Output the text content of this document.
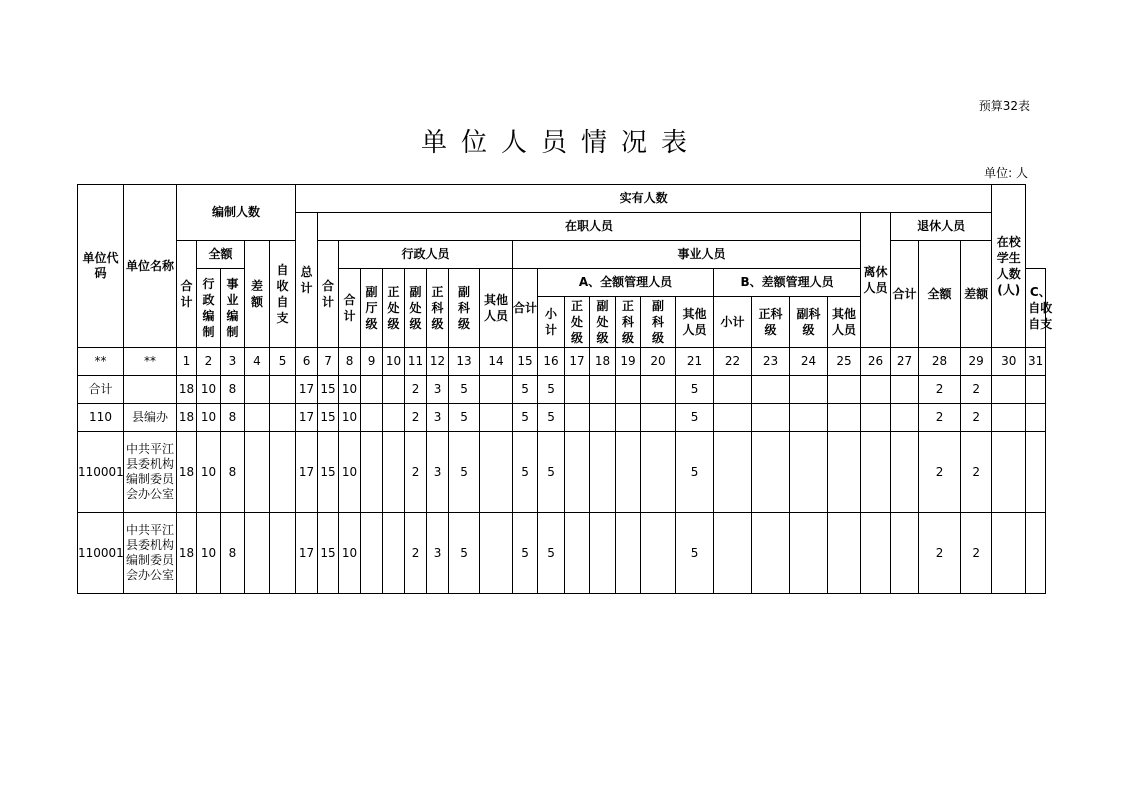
预算32表
单位人员情况表
单位: 人
单位代码	单位名称	编制人数					实有人数																								在校学生人数(人)	
							总计	在职人员																			离休人员	退休人员				
		合计	全额		差额	自收自支		合计	行政人员							事业人员												合计	全额	差额		
			行政编制	事业编制					合计	副厅级	正处级	副处级	正科级	副科级	其他人员	合计	A、全额管理人员						B、差额管理人员									C、自收自支
																	小计	正处级	副处级	正科级	副科级	其他人员	小计	正科级	副科级	其他人员						
**	**	1	2	3	4	5	6	7	8	9	10	11	12	13	14	15	16	17	18	19	20	21	22	23	24	25	26	27	28	29	30	31
合计		18	10	8			17	15	10			2	3	5		5	5					5							2	2		
110	县编办	18	10	8			17	15	10			2	3	5		5	5					5							2	2		
110001	中共平江县委机构编制委员会办公室	18	10	8			17	15	10			2	3	5		5	5					5							2	2		
110001	中共平江县委机构编制委员会办公室	18	10	8			17	15	10			2	3	5		5	5					5							2	2		
